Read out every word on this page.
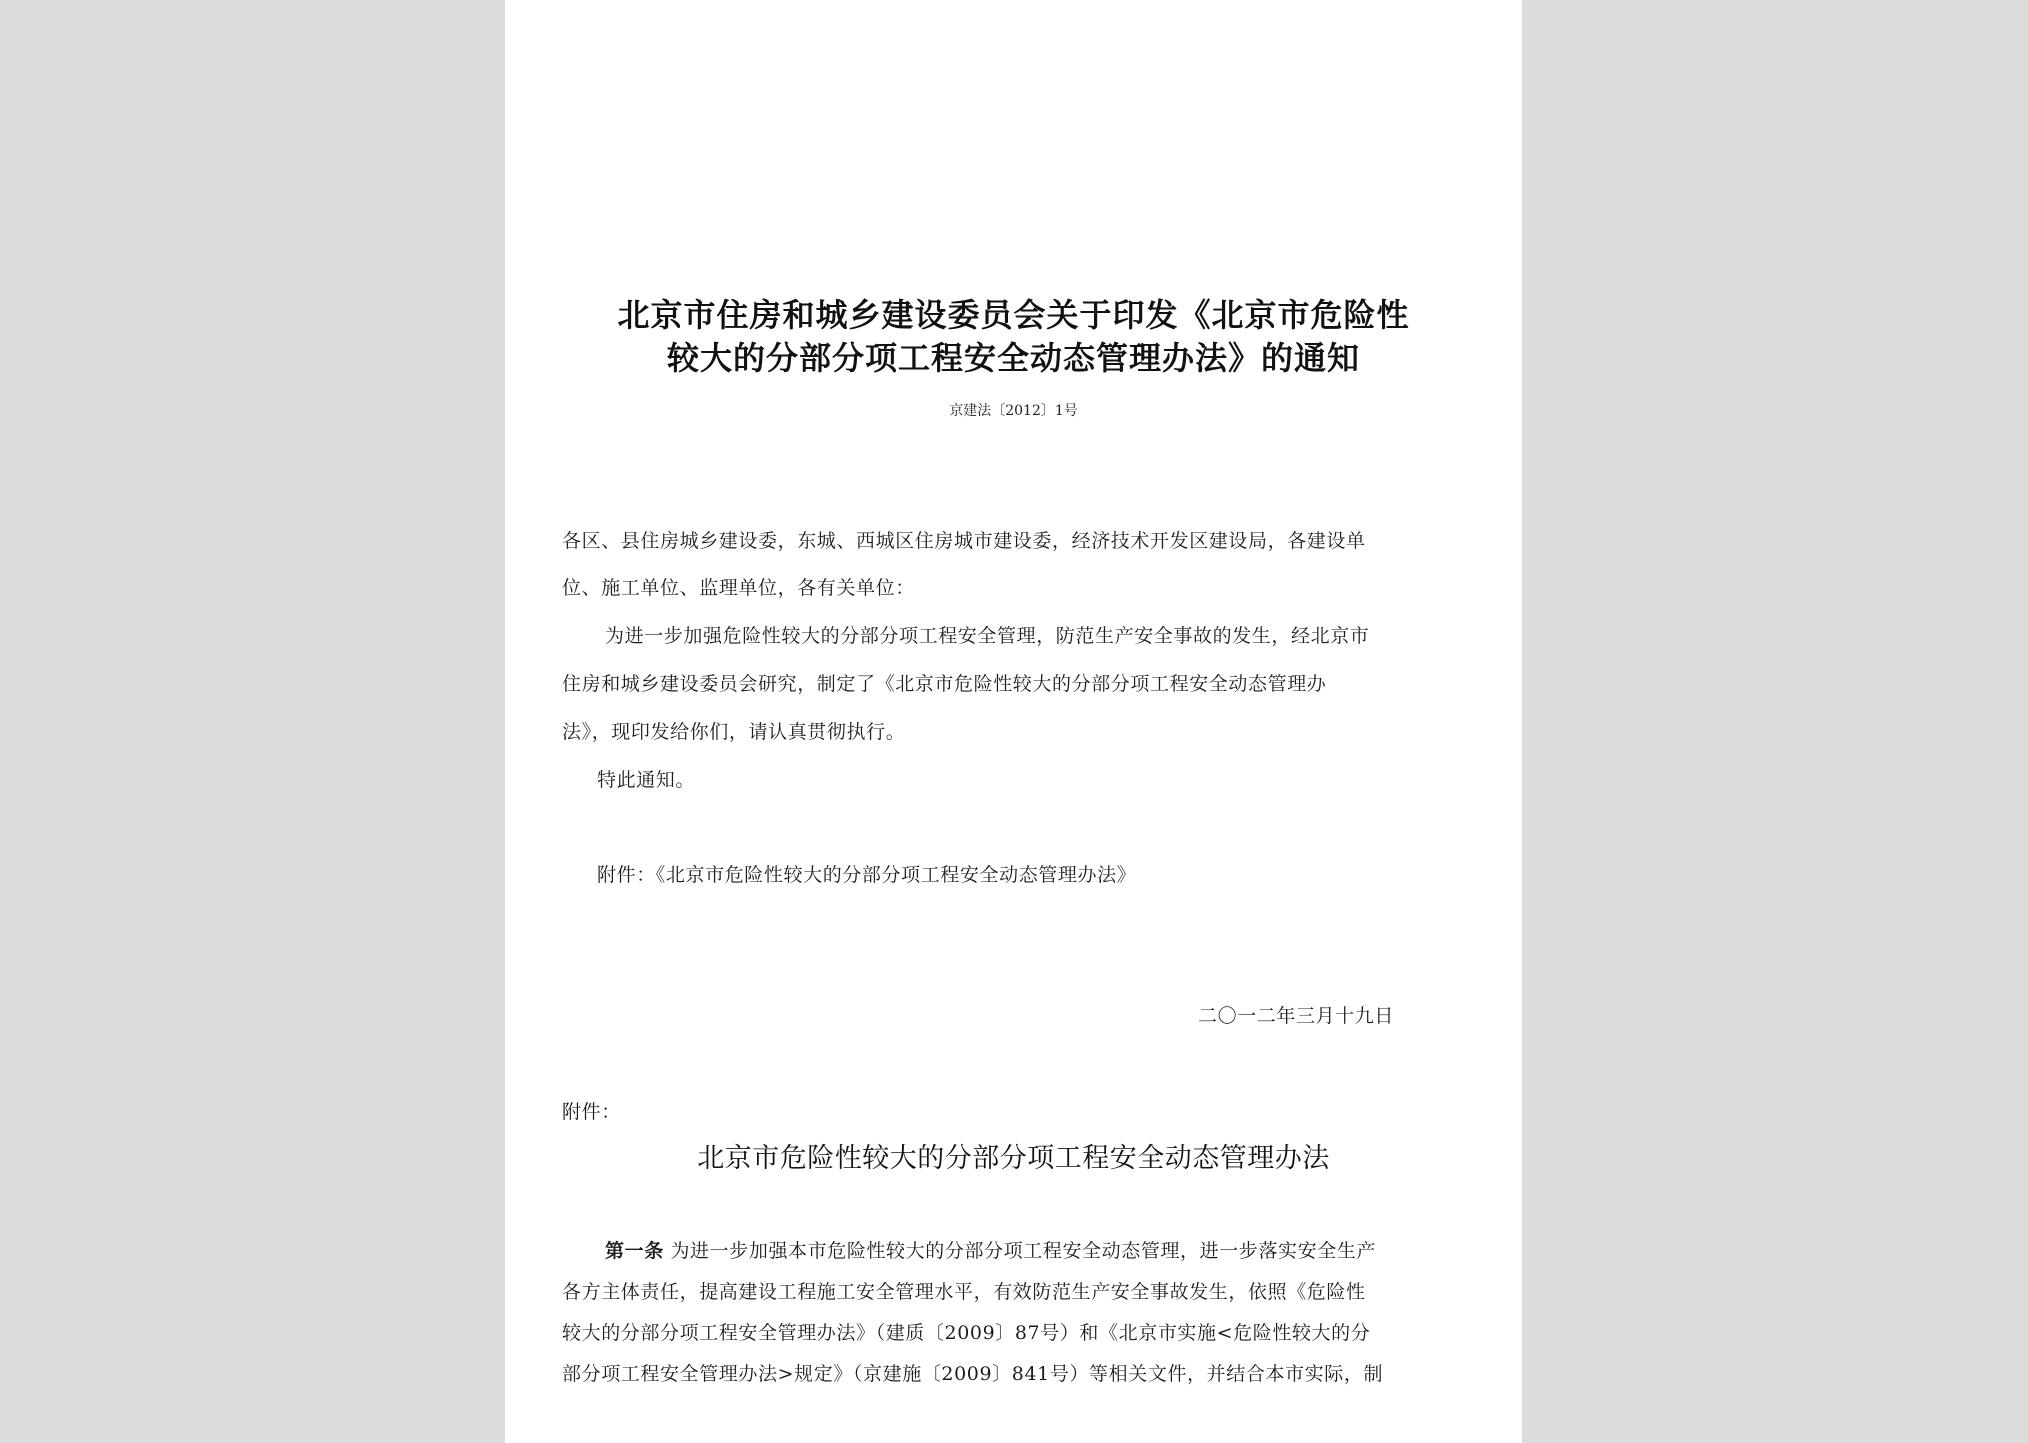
北京市住房和城乡建设委员会关于印发《北京市危险性
较大的分部分项工程安全动态管理办法》的通知
京建法〔2012〕1号
各区、县住房城乡建设委，东城、西城区住房城市建设委，经济技术开发区建设局，各建设单
位、施工单位、监理单位，各有关单位：
为进一步加强危险性较大的分部分项工程安全管理，防范生产安全事故的发生，经北京市
住房和城乡建设委员会研究，制定了《北京市危险性较大的分部分项工程安全动态管理办
法》，现印发给你们，请认真贯彻执行。
特此通知。
附件：《北京市危险性较大的分部分项工程安全动态管理办法》
二〇一二年三月十九日
附件：
北京市危险性较大的分部分项工程安全动态管理办法
第一条 为进一步加强本市危险性较大的分部分项工程安全动态管理，进一步落实安全生产
各方主体责任，提高建设工程施工安全管理水平，有效防范生产安全事故发生，依照《危险性
较大的分部分项工程安全管理办法》（建质〔2009〕87号）和《北京市实施<危险性较大的分
部分项工程安全管理办法>规定》（京建施〔2009〕841号）等相关文件，并结合本市实际，制
